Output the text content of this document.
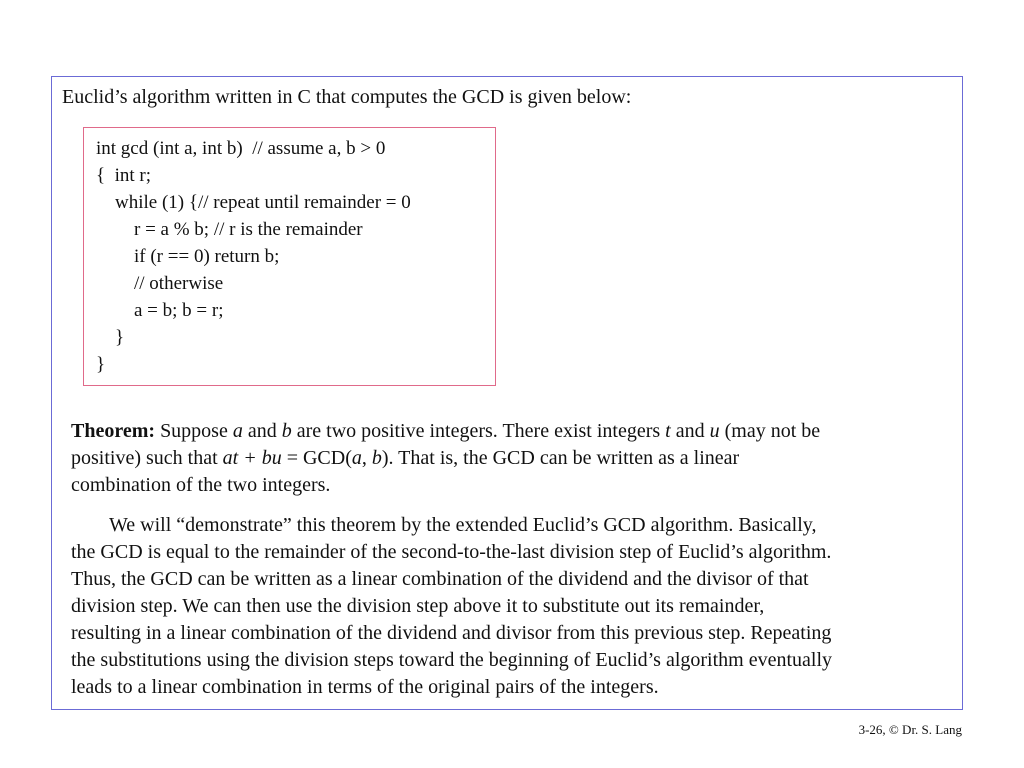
Euclid’s algorithm written in C that computes the GCD is given below:
int gcd (int a, int b)  // assume a, b > 0
{  int r;
while (1) {// repeat until remainder = 0
r = a % b; // r is the remainder
if (r == 0) return b;
// otherwise
a = b; b = r;
}
}

Theorem: Suppose a and b are two positive integers. There exist integers t and u (may not be
positive) such that at + bu = GCD(a, b). That is, the GCD can be written as a linear
combination of the two integers.

We will “demonstrate” this theorem by the extended Euclid’s GCD algorithm. Basically,
the GCD is equal to the remainder of the second-to-the-last division step of Euclid’s algorithm.
Thus, the GCD can be written as a linear combination of the dividend and the divisor of that
division step. We can then use the division step above it to substitute out its remainder,
resulting in a linear combination of the dividend and divisor from this previous step. Repeating
the substitutions using the division steps toward the beginning of Euclid’s algorithm eventually
leads to a linear combination in terms of the original pairs of the integers.

3-26, © Dr. S. Lang
